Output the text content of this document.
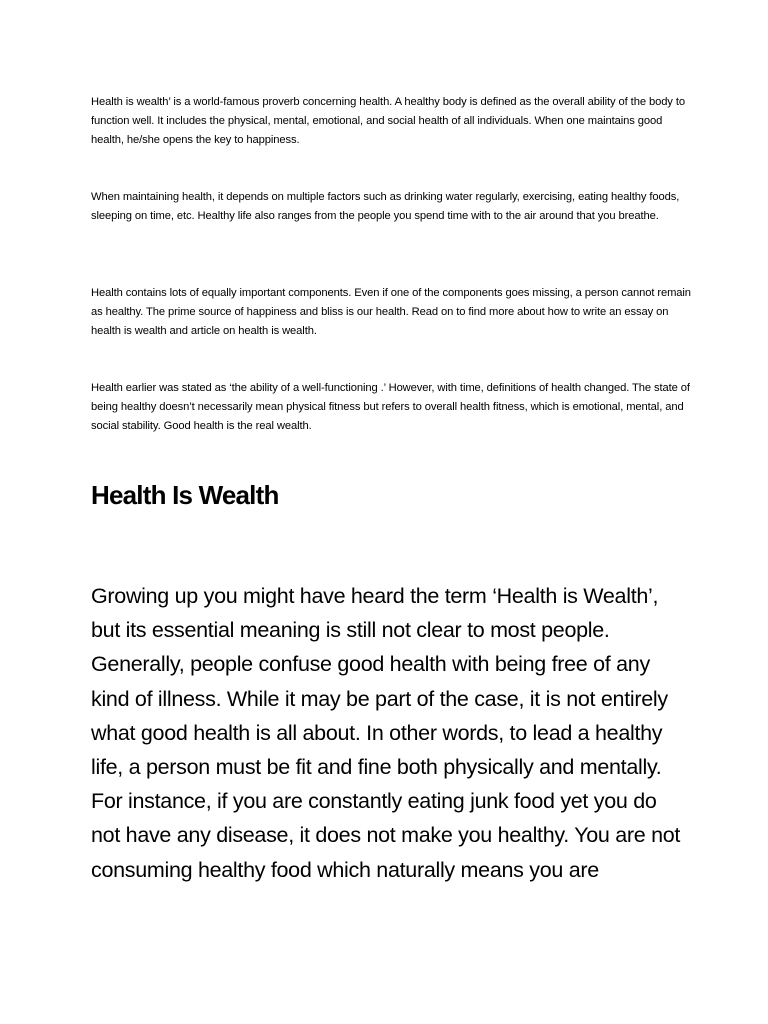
Health is wealth’ is a world-famous proverb concerning health. A healthy body is defined as the overall ability of the body to function well. It includes the physical, mental, emotional, and social health of all individuals. When one maintains good health, he/she opens the key to happiness.

When maintaining health, it depends on multiple factors such as drinking water regularly, exercising, eating healthy foods, sleeping on time, etc. Healthy life also ranges from the people you spend time with to the air around that you breathe.

Health contains lots of equally important components. Even if one of the components goes missing, a person cannot remain as healthy. The prime source of happiness and bliss is our health. Read on to find more about how to write an essay on health is wealth and article on health is wealth.

Health earlier was stated as ‘the ability of a well-functioning .’ However, with time, definitions of health changed. The state of being healthy doesn’t necessarily mean physical fitness but refers to overall health fitness, which is emotional, mental, and social stability. Good health is the real wealth.

Health Is Wealth

Growing up you might have heard the term ‘Health is Wealth’, but its essential meaning is still not clear to most people. Generally, people confuse good health with being free of any kind of illness. While it may be part of the case, it is not entirely what good health is all about. In other words, to lead a healthy life, a person must be fit and fine both physically and mentally. For instance, if you are constantly eating junk food yet you do not have any disease, it does not make you healthy. You are not consuming healthy food which naturally means you are
